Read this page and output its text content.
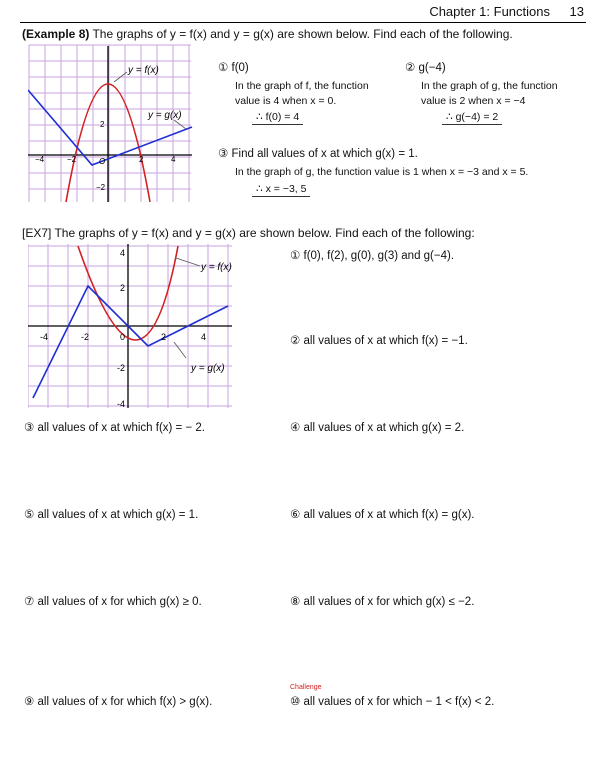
Chapter 1: Functions 13
(Example 8) The graphs of y = f(x) and y = g(x) are shown below. Find each of the following.
y = f(x)
y = g(x)
−4	−2	2	4
2
−2
O
① f(0)
In the graph of f, the function
value is 4 when x = 0.
∴ f(0) = 4
② g(−4)
In the graph of g, the function
value is 2 when x = −4
∴ g(−4) = 2
③ Find all values of x at which g(x) = 1.
In the graph of g, the function value is 1 when x = −3 and x = 5.
∴ x = −3, 5
[EX7] The graphs of y = f(x) and y = g(x) are shown below. Find each of the following:
y = f(x)
y = g(x)
-4	-2	0	2	4
4
2
-2
-4
① f(0), f(2), g(0), g(3) and g(−4).
② all values of x at which f(x) = −1.
③ all values of x at which f(x) = − 2.	④ all values of x at which g(x) = 2.
⑤ all values of x at which g(x) = 1.	⑥ all values of x at which f(x) = g(x).
⑦ all values of x for which g(x) ≥ 0.	⑧ all values of x for which g(x) ≤ −2.
Challenge
⑨ all values of x for which f(x) > g(x).	⑩ all values of x for which − 1 < f(x) < 2.
